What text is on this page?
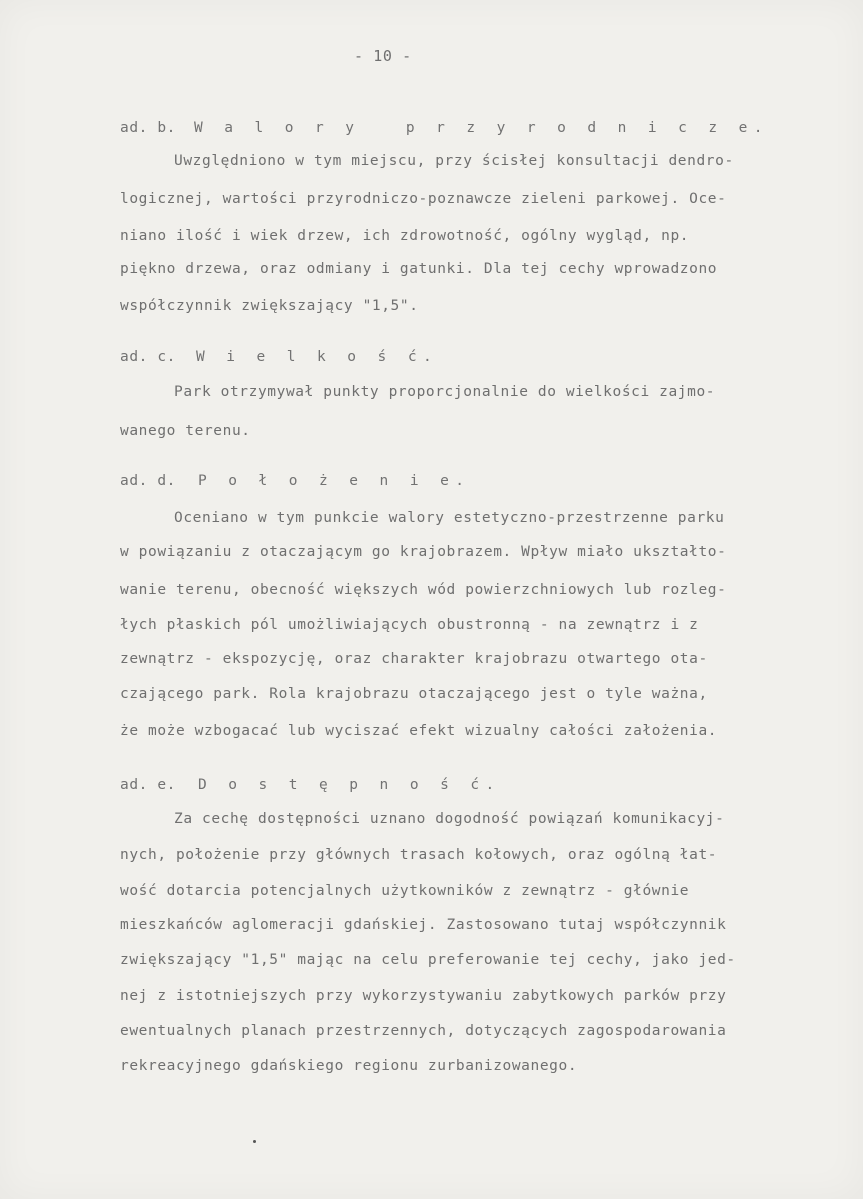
- 10 -
ad. b. W a l o r y   p r z y r o d n i c z e.
Uwzględniono w tym miejscu, przy ścisłej konsultacji dendro-
logicznej, wartości przyrodniczo-poznawcze zieleni parkowej. Oce-
niano ilość i wiek drzew, ich zdrowotność, ogólny wygląd, np.
piękno drzewa, oraz odmiany i gatunki. Dla tej cechy wprowadzono
współczynnik zwiększający "1,5".
ad. c. W i e l k o ś ć.
Park otrzymywał punkty proporcjonalnie do wielkości zajmo-
wanego terenu.
ad. d. P o ł o ż e n i e.
Oceniano w tym punkcie walory estetyczno-przestrzenne parku
w powiązaniu z otaczającym go krajobrazem. Wpływ miało ukształto-
wanie terenu, obecność większych wód powierzchniowych lub rozleg-
łych płaskich pól umożliwiających obustronną - na zewnątrz i z
zewnątrz - ekspozycję, oraz charakter krajobrazu otwartego ota-
czającego park. Rola krajobrazu otaczającego jest o tyle ważna,
że może wzbogacać lub wyciszać efekt wizualny całości założenia.
ad. e. D o s t ę p n o ś ć.
Za cechę dostępności uznano dogodność powiązań komunikacyj-
nych, położenie przy głównych trasach kołowych, oraz ogólną łat-
wość dotarcia potencjalnych użytkowników z zewnątrz - głównie
mieszkańców aglomeracji gdańskiej. Zastosowano tutaj współczynnik
zwiększający "1,5" mając na celu preferowanie tej cechy, jako jed-
nej z istotniejszych przy wykorzystywaniu zabytkowych parków przy
ewentualnych planach przestrzennych, dotyczących zagospodarowania
rekreacyjnego gdańskiego regionu zurbanizowanego.
